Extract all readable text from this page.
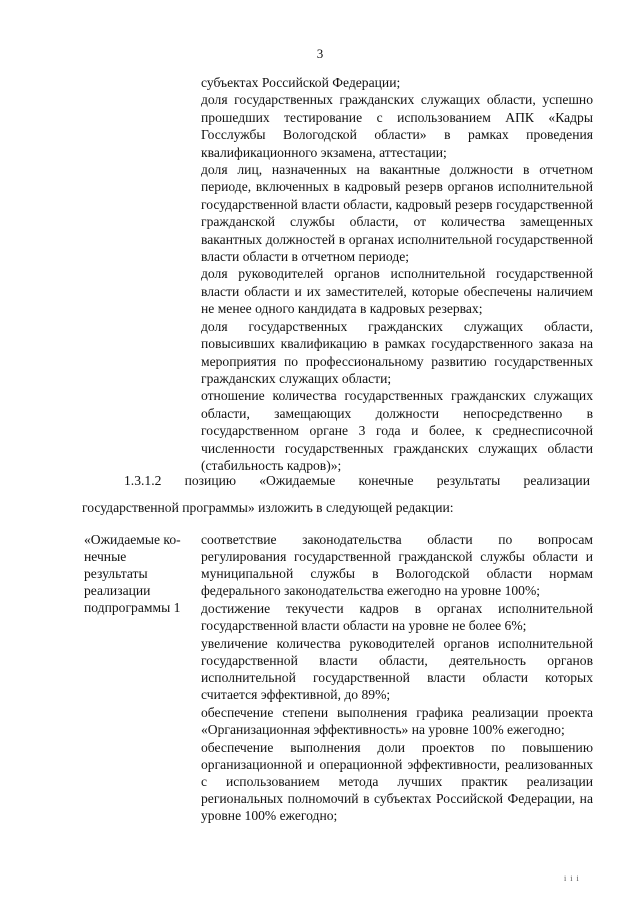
3

субъектах Российской Федерации;

доля государственных гражданских служащих области, успешно прошедших тестирование с использованием АПК «Кадры Госслужбы Вологодской области» в рамках проведения квалификационного экзамена, аттестации;

доля лиц, назначенных на вакантные должности в отчетном периоде, включенных в кадровый резерв органов исполнительной государственной власти области, кадровый резерв государственной гражданской службы области, от количества замещенных вакантных должностей в органах исполнительной государственной власти области в отчетном периоде;

доля руководителей органов исполнительной государственной власти области и их заместителей, которые обеспечены наличием не менее одного кандидата в кадровых резервах;

доля государственных гражданских служащих области, повысивших квалификацию в рамках государственного заказа на мероприятия по профессиональному развитию государственных гражданских служащих области;

отношение количества государственных гражданских служащих области, замещающих должности непосредственно в государственном органе 3 года и более, к среднесписочной численности государственных гражданских служащих области (стабильность кадров)»;

1.3.1.2 позицию «Ожидаемые конечные результаты реализации
государственной программы» изложить в следующей редакции:
«Ожидаемые ко-
нечные
результаты
реализации
подпрограммы 1

соответствие законодательства области по вопросам регулирования государственной гражданской службы области и муниципальной службы в Вологодской области нормам федерального законодательства ежегодно на уровне 100%;

достижение текучести кадров в органах исполнительной государственной власти области на уровне не более 6%;

увеличение количества руководителей органов исполнительной государственной власти области, деятельность органов исполнительной государственной власти области которых считается эффективной, до 89%;

обеспечение степени выполнения графика реализации проекта «Организационная эффективность» на уровне 100% ежегодно;

обеспечение выполнения доли проектов по повышению организационной и операционной эффективности, реализованных с использованием метода лучших практик реализации региональных полномочий в субъектах Российской Федерации, на уровне 100% ежегодно;

i i i
